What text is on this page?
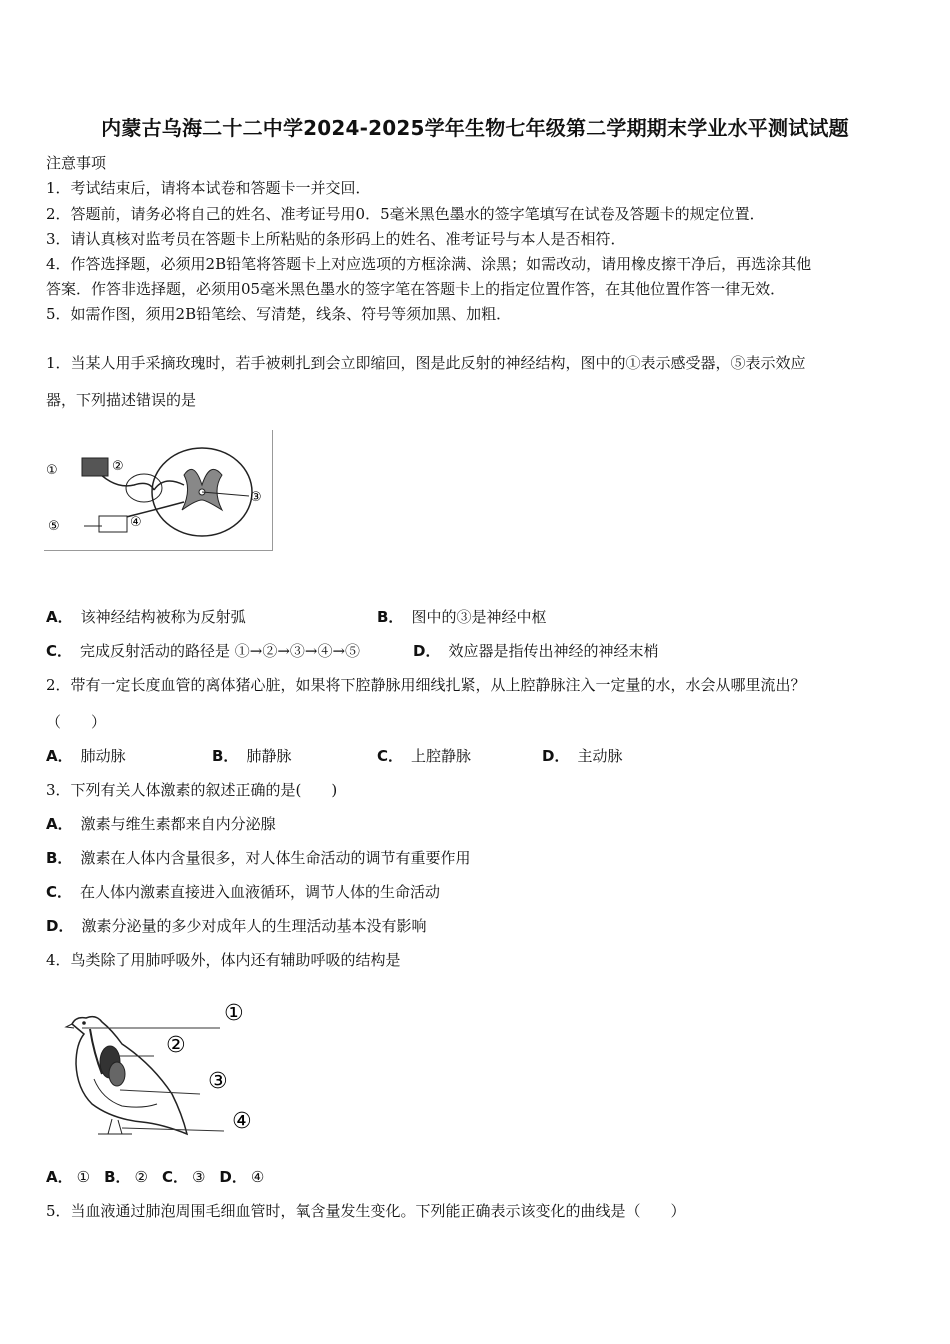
内蒙古乌海二十二中学2024-2025学年生物七年级第二学期期末学业水平测试试题
注意事项
1．考试结束后，请将本试卷和答题卡一并交回．
2．答题前，请务必将自己的姓名、准考证号用0．5毫米黑色墨水的签字笔填写在试卷及答题卡的规定位置．
3．请认真核对监考员在答题卡上所粘贴的条形码上的姓名、准考证号与本人是否相符．
4．作答选择题，必须用2B铅笔将答题卡上对应选项的方框涂满、涂黑；如需改动，请用橡皮擦干净后，再选涂其他
答案．作答非选择题，必须用05毫米黑色墨水的签字笔在答题卡上的指定位置作答，在其他位置作答一律无效．
5．如需作图，须用2B铅笔绘、写清楚，线条、符号等须加黑、加粗．
1．当某人用手采摘玫瑰时，若手被刺扎到会立即缩回，图是此反射的神经结构，图中的①表示感受器，⑤表示效应
器，下列描述错误的是
①	②
③
④
⑤
A． 该神经结构被称为反射弧	B． 图中的③是神经中枢
C． 完成反射活动的路径是 ①→②→③→④→⑤	D． 效应器是指传出神经的神经末梢
2．带有一定长度血管的离体猪心脏，如果将下腔静脉用细线扎紧，从上腔静脉注入一定量的水，水会从哪里流出？
（　　）
A． 肺动脉	B． 肺静脉	C． 上腔静脉	D． 主动脉
3．下列有关人体激素的叙述正确的是(　　)
A． 激素与维生素都来自内分泌腺
B． 激素在人体内含量很多，对人体生命活动的调节有重要作用
C． 在人体内激素直接进入血液循环，调节人体的生命活动
D． 激素分泌量的多少对成年人的生理活动基本没有影响
4．鸟类除了用肺呼吸外，体内还有辅助呼吸的结构是
①
②
③
④
A． ① B． ② C． ③ D． ④
5．当血液通过肺泡周围毛细血管时，氧含量发生变化。下列能正确表示该变化的曲线是（　　）
